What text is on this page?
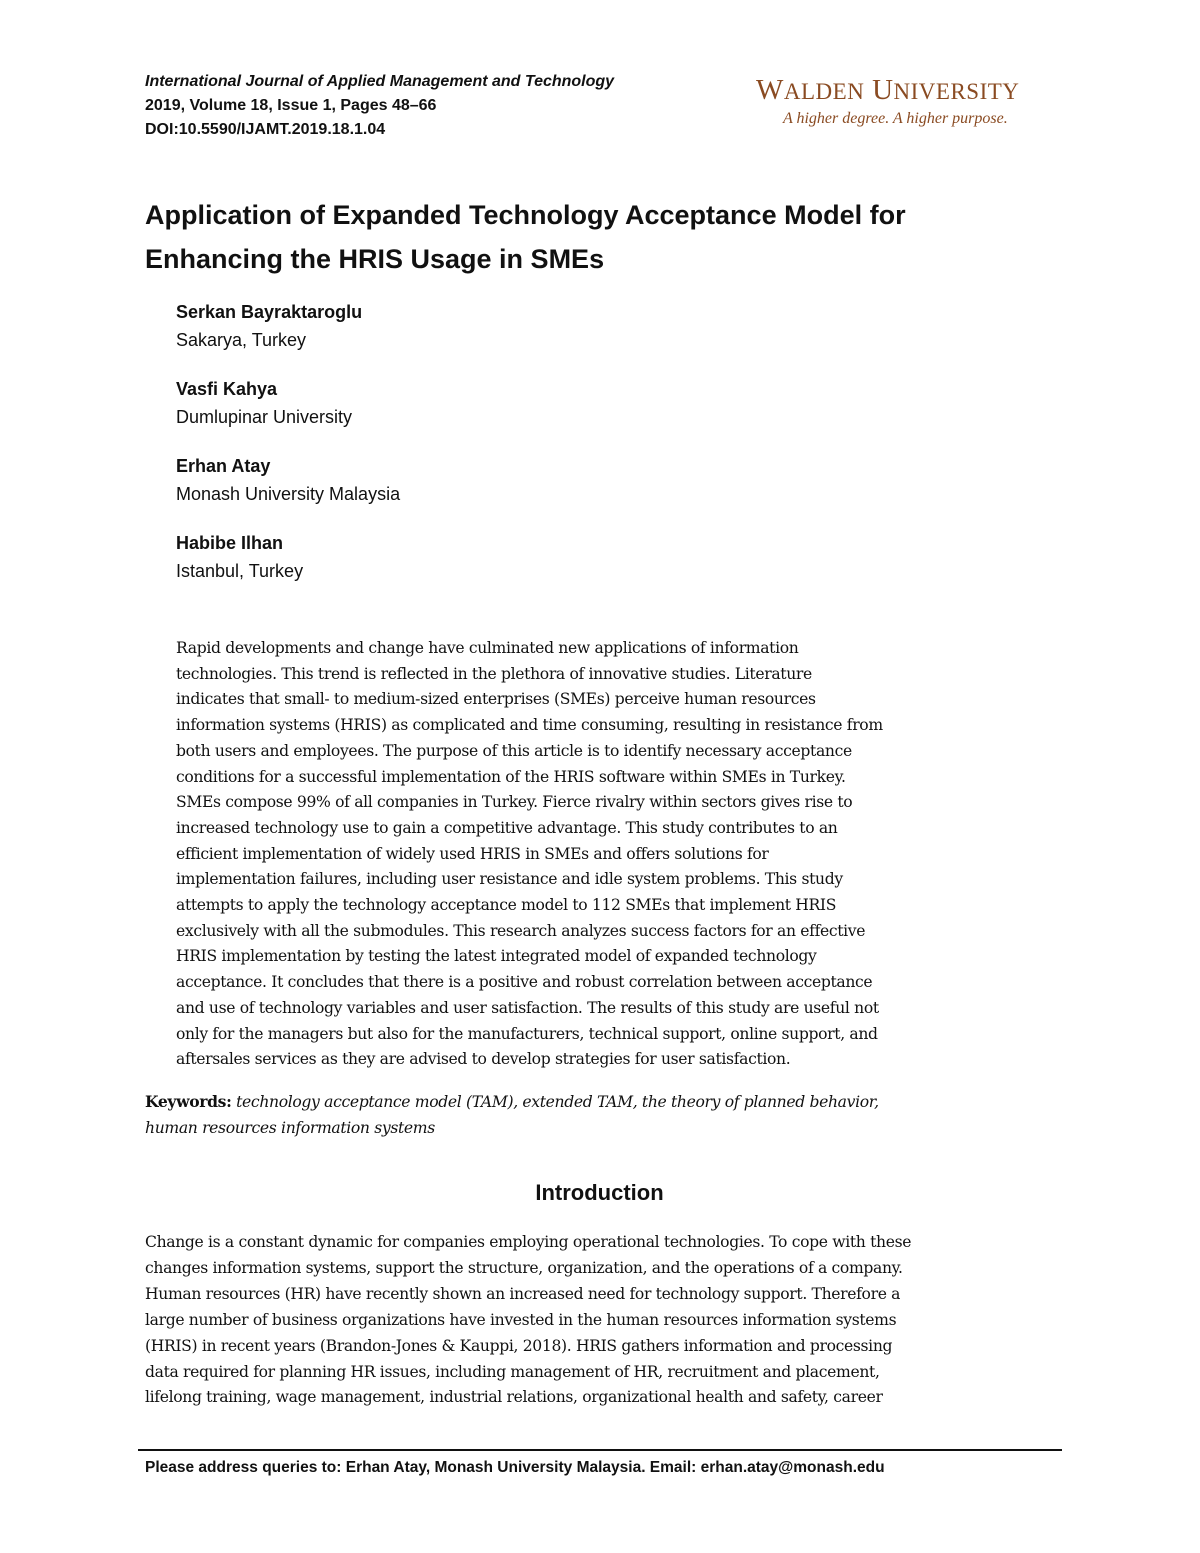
International Journal of Applied Management and Technology
2019, Volume 18, Issue 1, Pages 48–66
DOI:10.5590/IJAMT.2019.18.1.04
WALDEN UNIVERSITY
A higher degree. A higher purpose.
Application of Expanded Technology Acceptance Model for
Enhancing the HRIS Usage in SMEs
Serkan Bayraktaroglu
Sakarya, Turkey
Vasfi Kahya
Dumlupinar University
Erhan Atay
Monash University Malaysia
Habibe Ilhan
Istanbul, Turkey
Rapid developments and change have culminated new applications of information
technologies. This trend is reflected in the plethora of innovative studies. Literature
indicates that small- to medium-sized enterprises (SMEs) perceive human resources
information systems (HRIS) as complicated and time consuming, resulting in resistance from
both users and employees. The purpose of this article is to identify necessary acceptance
conditions for a successful implementation of the HRIS software within SMEs in Turkey.
SMEs compose 99% of all companies in Turkey. Fierce rivalry within sectors gives rise to
increased technology use to gain a competitive advantage. This study contributes to an
efficient implementation of widely used HRIS in SMEs and offers solutions for
implementation failures, including user resistance and idle system problems. This study
attempts to apply the technology acceptance model to 112 SMEs that implement HRIS
exclusively with all the submodules. This research analyzes success factors for an effective
HRIS implementation by testing the latest integrated model of expanded technology
acceptance. It concludes that there is a positive and robust correlation between acceptance
and use of technology variables and user satisfaction. The results of this study are useful not
only for the managers but also for the manufacturers, technical support, online support, and
aftersales services as they are advised to develop strategies for user satisfaction.
Keywords: technology acceptance model (TAM), extended TAM, the theory of planned behavior,
human resources information systems
Introduction
Change is a constant dynamic for companies employing operational technologies. To cope with these
changes information systems, support the structure, organization, and the operations of a company.
Human resources (HR) have recently shown an increased need for technology support. Therefore a
large number of business organizations have invested in the human resources information systems
(HRIS) in recent years (Brandon-Jones & Kauppi, 2018). HRIS gathers information and processing
data required for planning HR issues, including management of HR, recruitment and placement,
lifelong training, wage management, industrial relations, organizational health and safety, career
Please address queries to: Erhan Atay, Monash University Malaysia. Email: erhan.atay@monash.edu
